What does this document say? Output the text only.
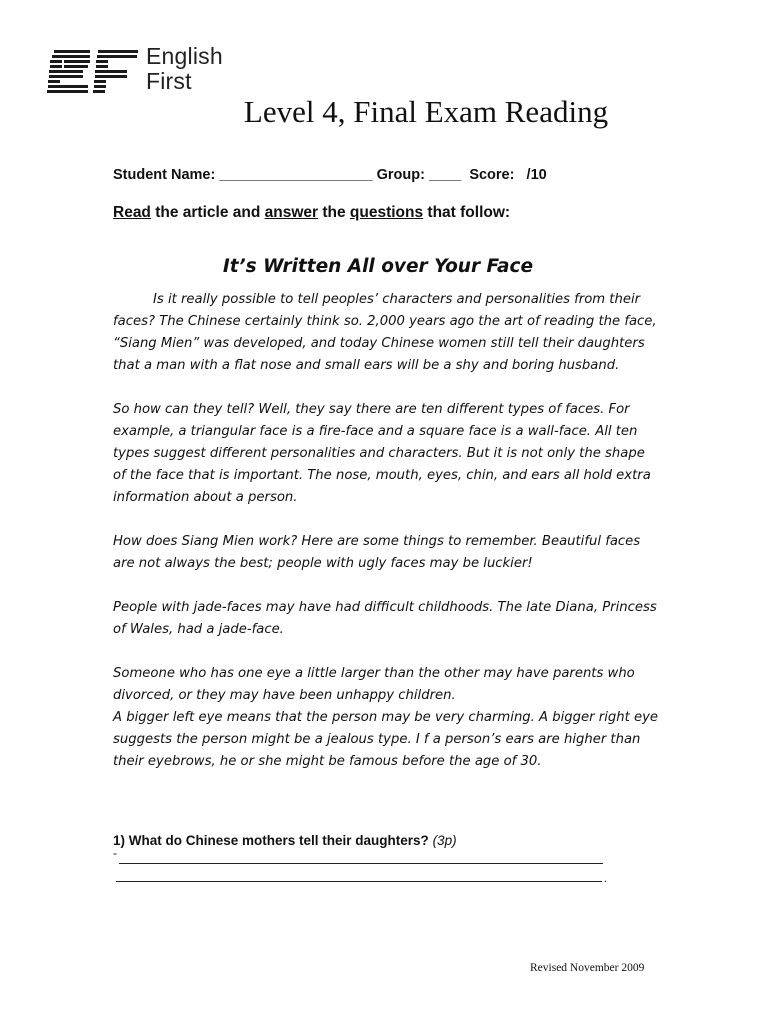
English
First
Level 4, Final Exam Reading
Student Name: ___________________ Group: ____ Score: /10
Read the article and answer the questions that follow:
It’s Written All over Your Face

Is it really possible to tell peoples’ characters and personalities from their faces? The Chinese certainly think so. 2,000 years ago the art of reading the face, “Siang Mien” was developed, and today Chinese women still tell their daughters that a man with a flat nose and small ears will be a shy and boring husband.

So how can they tell? Well, they say there are ten different types of faces. For example, a triangular face is a fire-face and a square face is a wall-face. All ten types suggest different personalities and characters. But it is not only the shape of the face that is important. The nose, mouth, eyes, chin, and ears all hold extra information about a person.

How does Siang Mien work? Here are some things to remember. Beautiful faces are not always the best; people with ugly faces may be luckier!

People with jade-faces may have had difficult childhoods. The late Diana, Princess of Wales, had a jade-face.

Someone who has one eye a little larger than the other may have parents who divorced, or they may have been unhappy children.

A bigger left eye means that the person may be very charming. A bigger right eye suggests the person might be a jealous type. I f a person’s ears are higher than their eyebrows, he or she might be famous before the age of 30.

1) What do Chinese mothers tell their daughters? (3p)
-
.
Revised November 2009
